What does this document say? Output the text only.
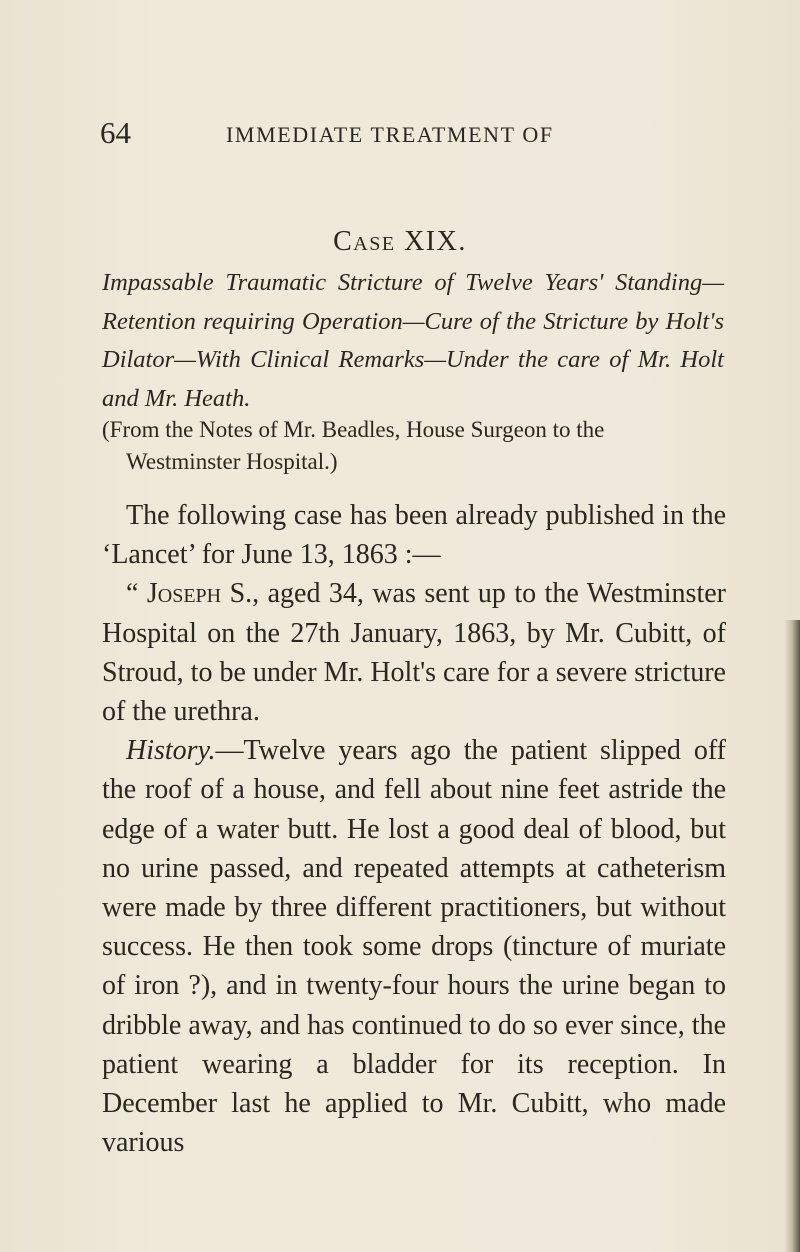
64	IMMEDIATE TREATMENT OF
Case XIX.
Impassable Traumatic Stricture of Twelve Years' Standing—Retention requiring Operation—Cure of the Stricture by Holt's Dilator—With Clinical Remarks—Under the care of Mr. Holt and Mr. Heath.
(From the Notes of Mr. Beadles, House Surgeon to the Westminster Hospital.)

The following case has been already published in the ‘Lancet’ for June 13, 1863 :—

“ Joseph S., aged 34, was sent up to the Westminster Hospital on the 27th January, 1863, by Mr. Cubitt, of Stroud, to be under Mr. Holt's care for a severe stricture of the urethra.

History.—Twelve years ago the patient slipped off the roof of a house, and fell about nine feet astride the edge of a water butt. He lost a good deal of blood, but no urine passed, and repeated attempts at catheterism were made by three different practitioners, but without success. He then took some drops (tincture of muriate of iron ?), and in twenty-four hours the urine began to dribble away, and has continued to do so ever since, the patient wearing a bladder for its reception. In December last he applied to Mr. Cubitt, who made various
